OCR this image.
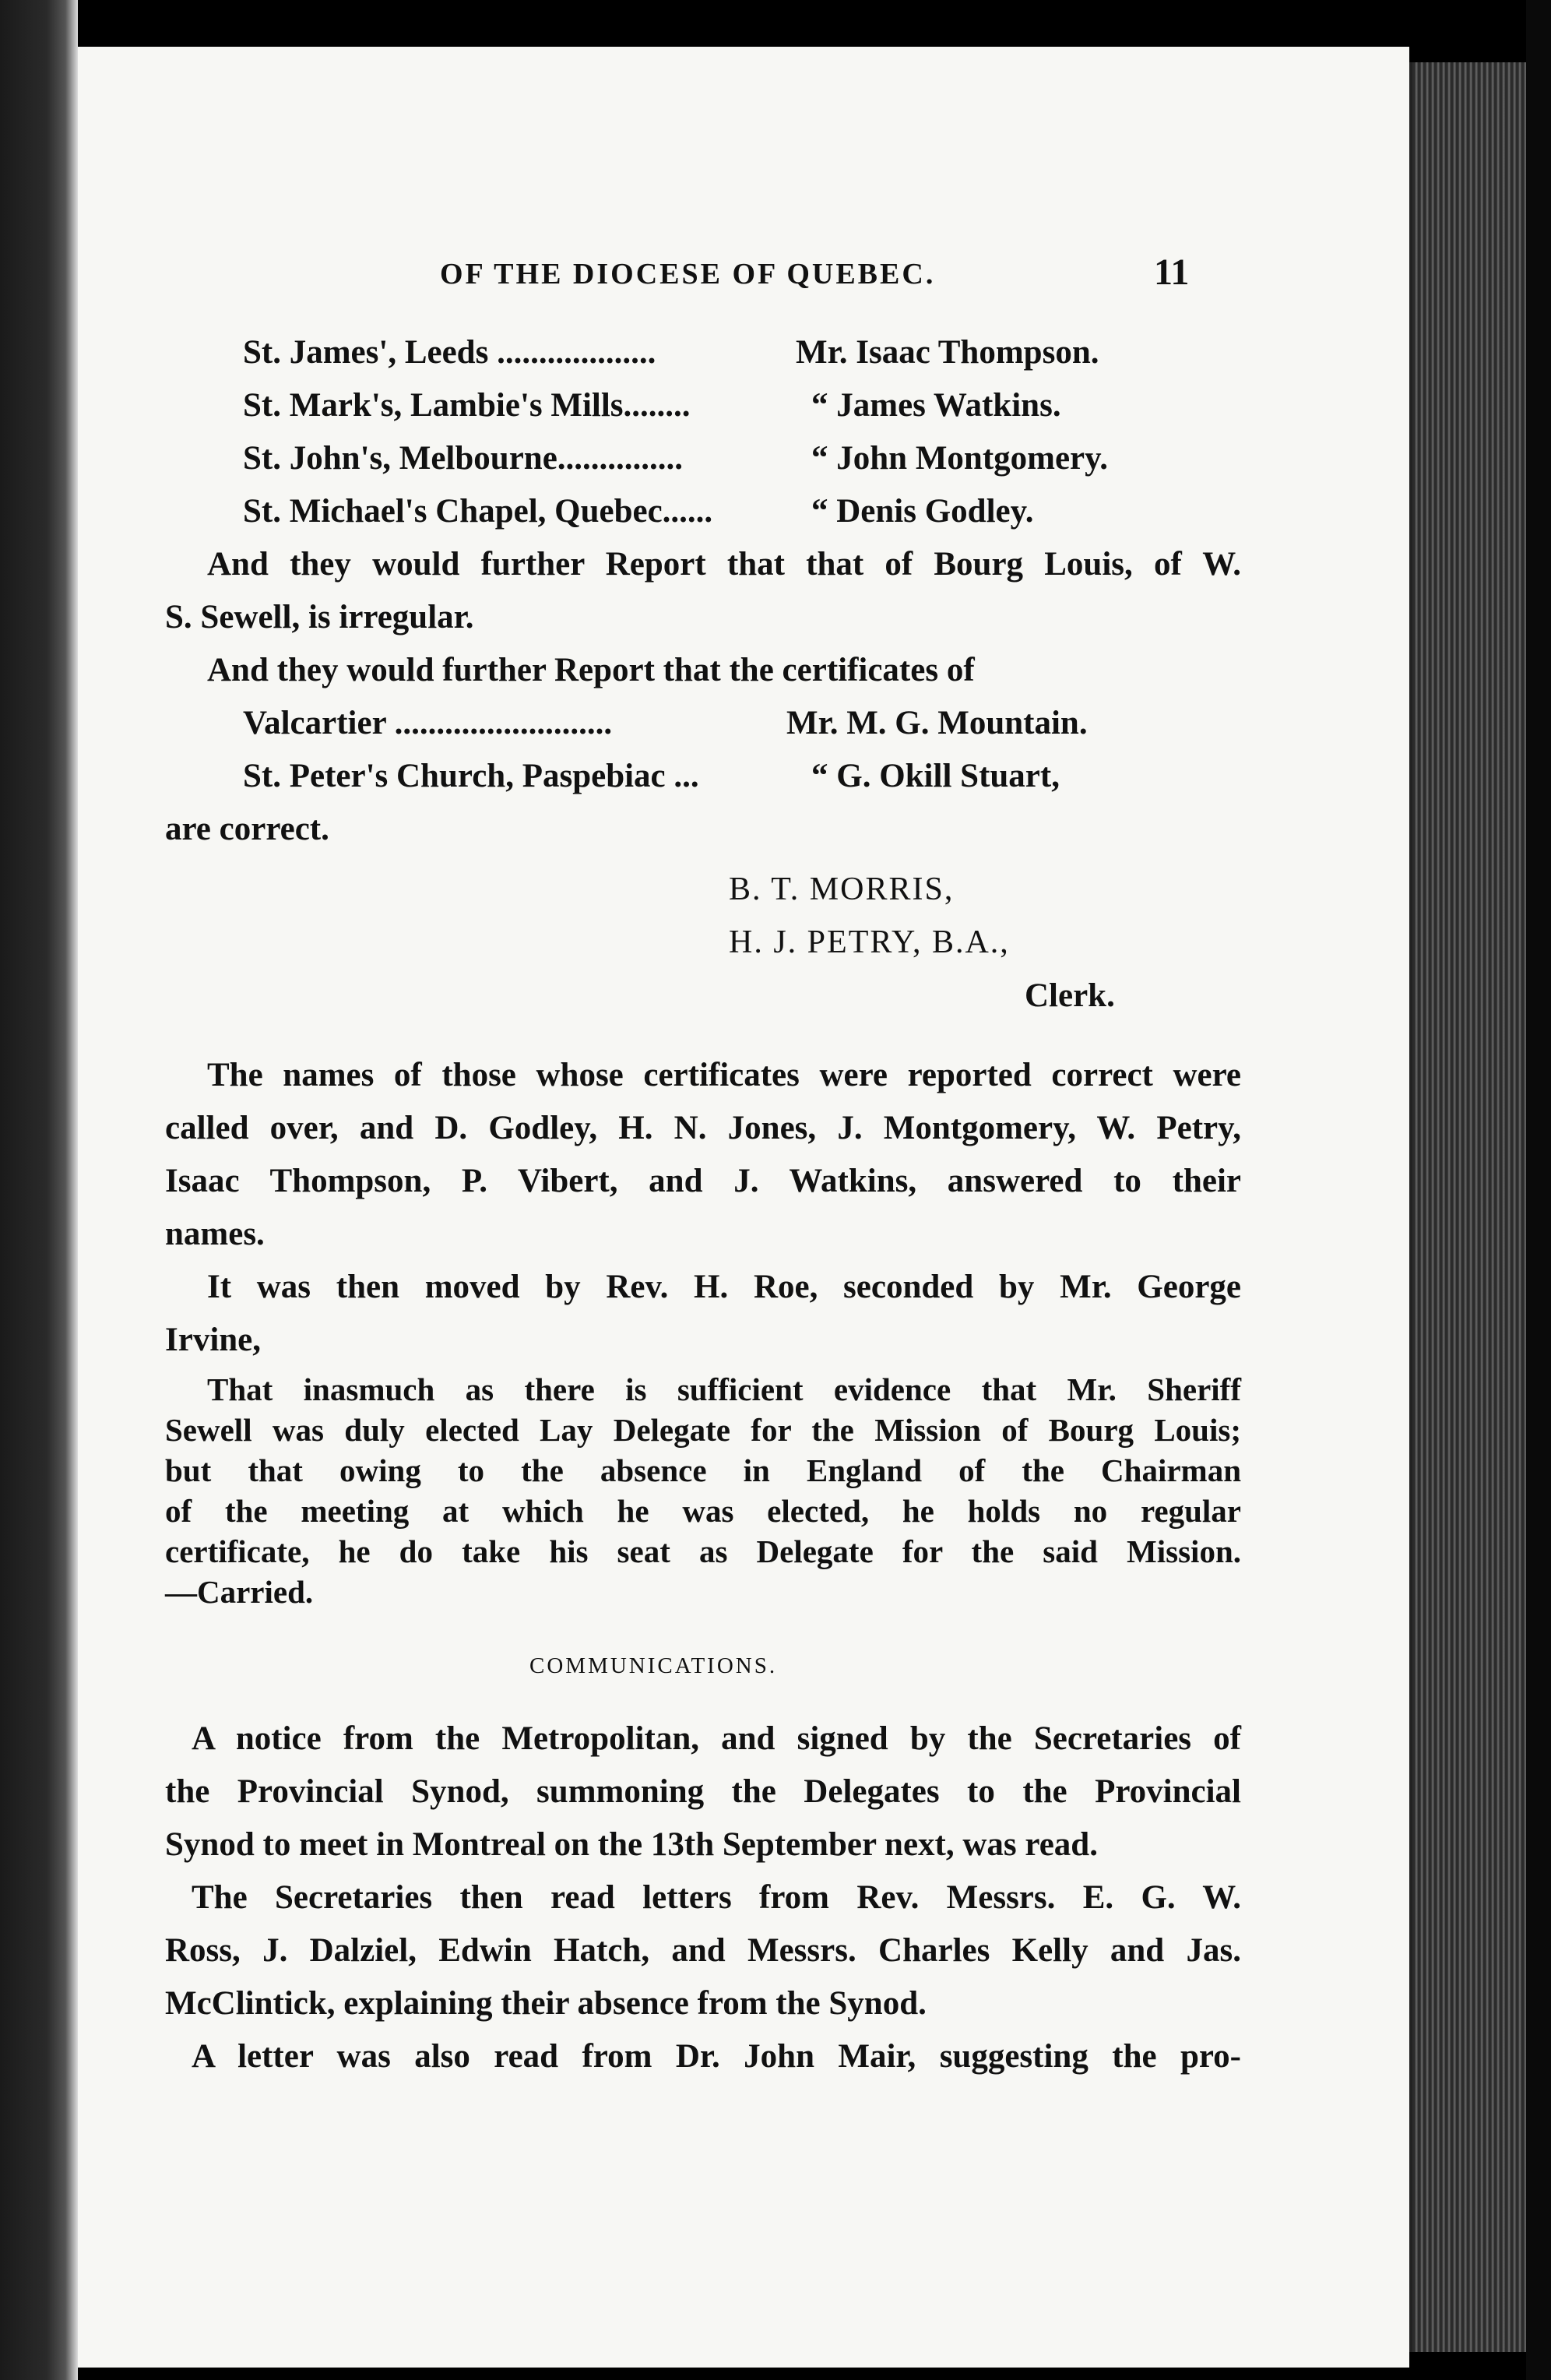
OF THE DIOCESE OF QUEBEC.	11
St. James', Leeds ...................	Mr. Isaac Thompson.
St. Mark's, Lambie's Mills........	“ James Watkins.
St. John's, Melbourne...............	“ John Montgomery.
St. Michael's Chapel, Quebec......	“ Denis Godley.
And they would further Report that that of Bourg Louis, of W.
S. Sewell, is irregular.
And they would further Report that the certificates of
Valcartier ..........................	Mr. M. G. Mountain.
St. Peter's Church, Paspebiac ...	“ G. Okill Stuart,
are correct.
B. T. MORRIS,
H. J. PETRY, B.A.,
Clerk.
The names of those whose certificates were reported correct were
called over, and D. Godley, H. N. Jones, J. Montgomery, W. Petry,
Isaac Thompson, P. Vibert, and J. Watkins, answered to their
names.
It was then moved by Rev. H. Roe, seconded by Mr. George
Irvine,
That inasmuch as there is sufficient evidence that Mr. Sheriff
Sewell was duly elected Lay Delegate for the Mission of Bourg Louis;
but that owing to the absence in England of the Chairman
of the meeting at which he was elected, he holds no regular
certificate, he do take his seat as Delegate for the said Mission.
—Carried.
COMMUNICATIONS.
A notice from the Metropolitan, and signed by the Secretaries of
the Provincial Synod, summoning the Delegates to the Provincial
Synod to meet in Montreal on the 13th September next, was read.
The Secretaries then read letters from Rev. Messrs. E. G. W.
Ross, J. Dalziel, Edwin Hatch, and Messrs. Charles Kelly and Jas.
McClintick, explaining their absence from the Synod.
A letter was also read from Dr. John Mair, suggesting the pro-
